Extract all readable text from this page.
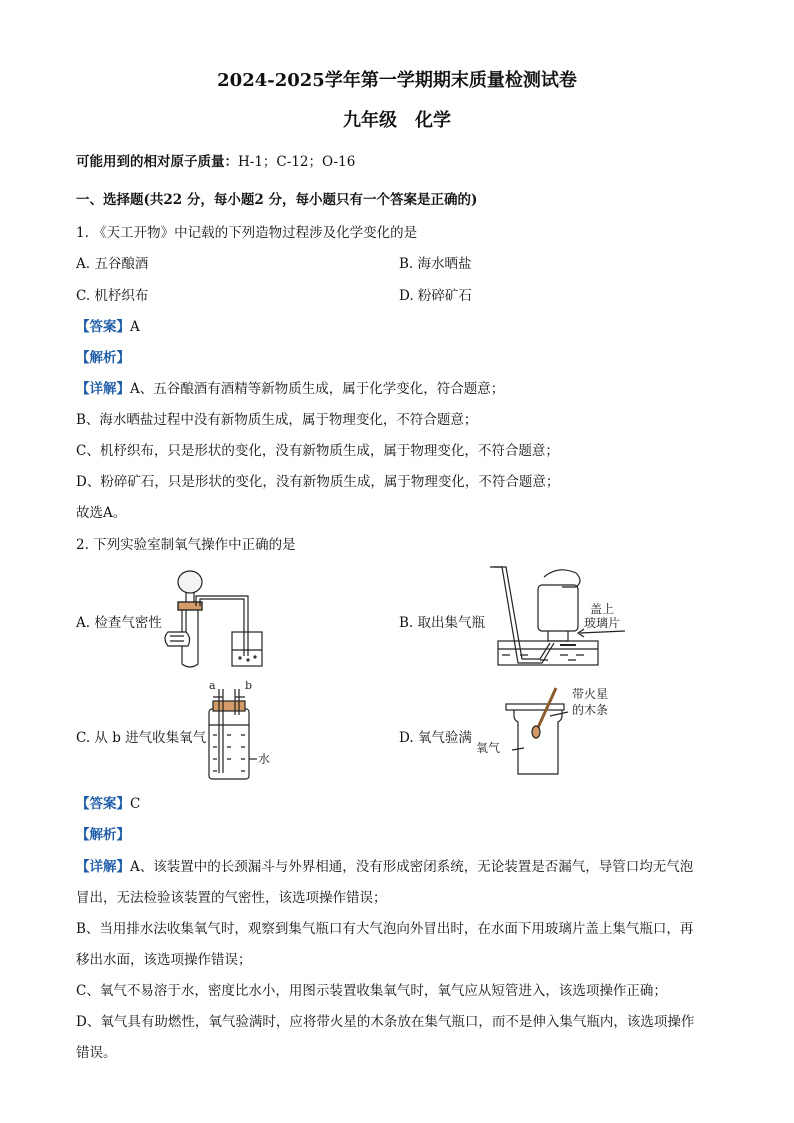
2024-2025学年第一学期期末质量检测试卷
九年级　化学
可能用到的相对原子质量：H-1；C-12；O-16
一、选择题(共22 分，每小题2 分，每小题只有一个答案是正确的)
1. 《天工开物》中记载的下列造物过程涉及化学变化的是
A. 五谷酿酒	B. 海水晒盐
C. 机杼织布	D. 粉碎矿石
【答案】A
【解析】
【详解】A、五谷酿酒有酒精等新物质生成，属于化学变化，符合题意；
B、海水晒盐过程中没有新物质生成，属于物理变化，不符合题意；
C、机杼织布，只是形状的变化，没有新物质生成，属于物理变化，不符合题意；
D、粉碎矿石，只是形状的变化，没有新物质生成，属于物理变化，不符合题意；
故选A。
2. 下列实验室制氧气操作中正确的是
A. 检查气密性	B. 取出集气瓶
C. 从 b 进气收集氧气	D. 氧气验满
盖上
玻璃片
a	b
水
带火星
的木条
氧气
【答案】C
【解析】
【详解】A、该装置中的长颈漏斗与外界相通，没有形成密闭系统，无论装置是否漏气，导管口均无气泡
冒出，无法检验该装置的气密性，该选项操作错误；
B、当用排水法收集氧气时，观察到集气瓶口有大气泡向外冒出时，在水面下用玻璃片盖上集气瓶口，再
移出水面，该选项操作错误；
C、氧气不易溶于水，密度比水小，用图示装置收集氧气时，氧气应从短管进入，该选项操作正确；
D、氧气具有助燃性，氧气验满时，应将带火星的木条放在集气瓶口，而不是伸入集气瓶内，该选项操作
错误。
